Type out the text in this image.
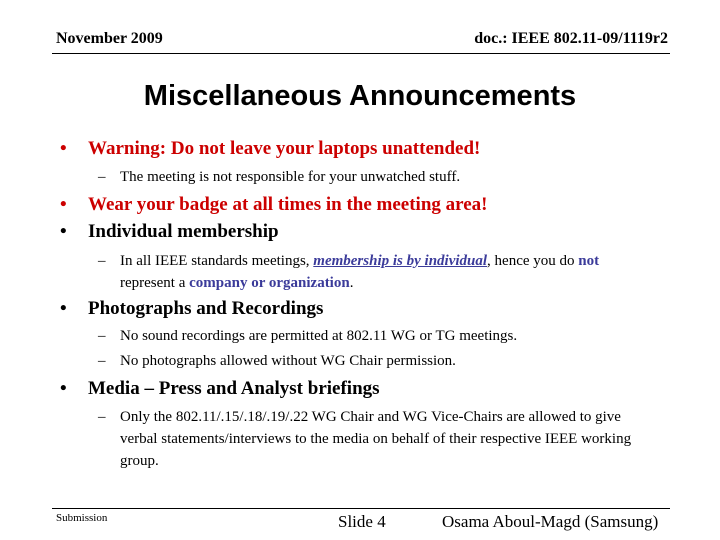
November 2009	doc.: IEEE 802.11-09/1119r2
Miscellaneous Announcements
• Warning: Do not leave your laptops unattended!
– The meeting is not responsible for your unwatched stuff.
• Wear your badge at all times in the meeting area!
• Individual membership
– In all IEEE standards meetings, membership is by individual, hence you do not represent a company or organization.
• Photographs and Recordings
– No sound recordings are permitted at 802.11 WG or TG meetings.
– No photographs allowed without WG Chair permission.
• Media – Press and Analyst briefings
– Only the 802.11/.15/.18/.19/.22 WG Chair and WG Vice-Chairs are allowed to give verbal statements/interviews to the media on behalf of their respective IEEE working group.
Submission	Slide 4	Osama Aboul-Magd (Samsung)
